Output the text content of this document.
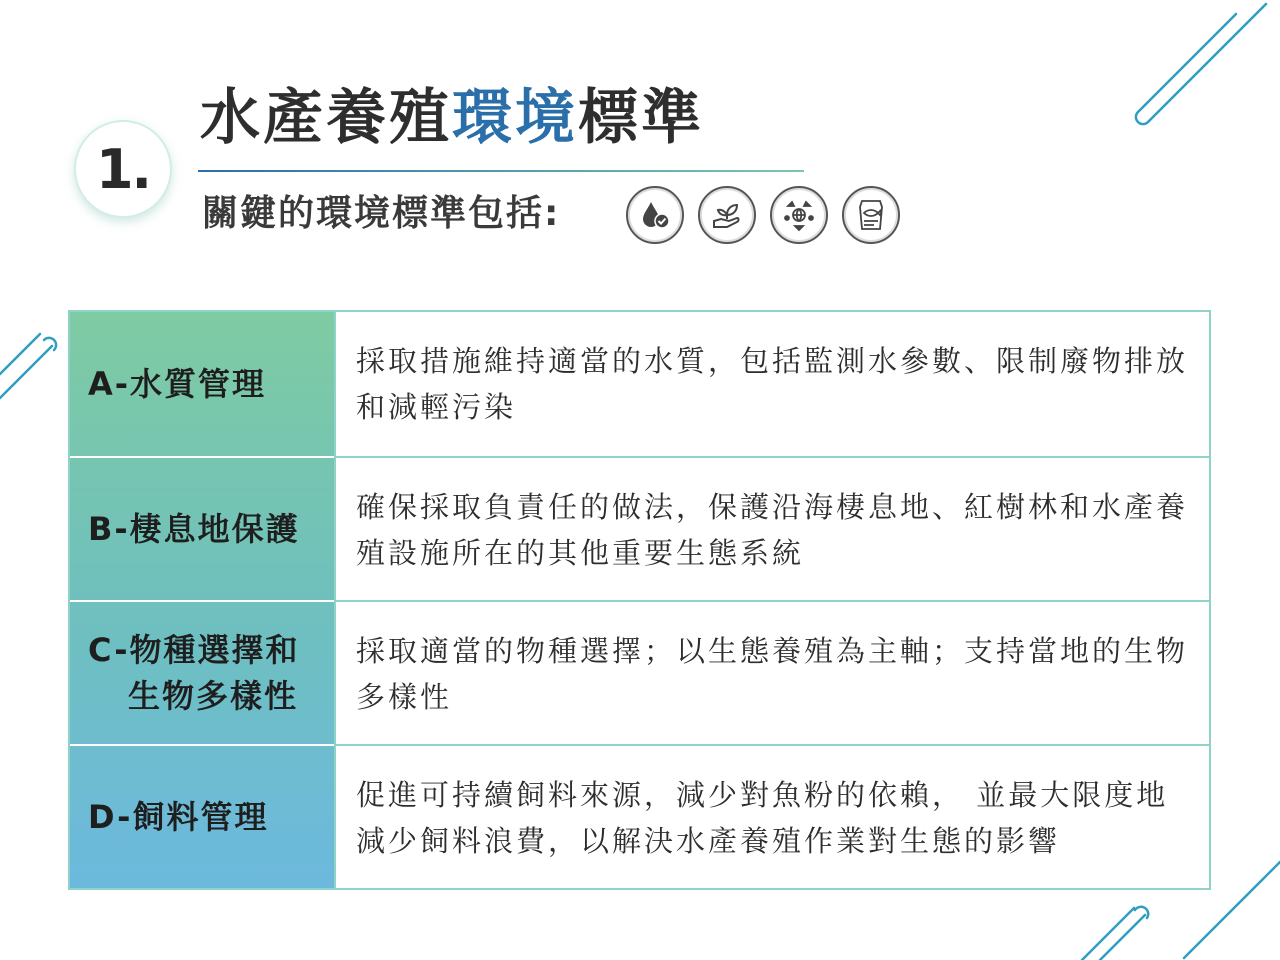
1.
水產養殖環境標準
關鍵的環境標準包括:
A-水質管理
採取措施維持適當的水質，包括監測水參數、限制廢物排放和減輕污染
B-棲息地保護
確保採取負責任的做法，保護沿海棲息地、紅樹林和水產養殖設施所在的其他重要生態系統
C-物種選擇和
生物多樣性
採取適當的物種選擇；以生態養殖為主軸；支持當地的生物多樣性
D-飼料管理
促進可持續飼料來源，減少對魚粉的依賴， 並最大限度地減少飼料浪費，以解決水產養殖作業對生態的影響
